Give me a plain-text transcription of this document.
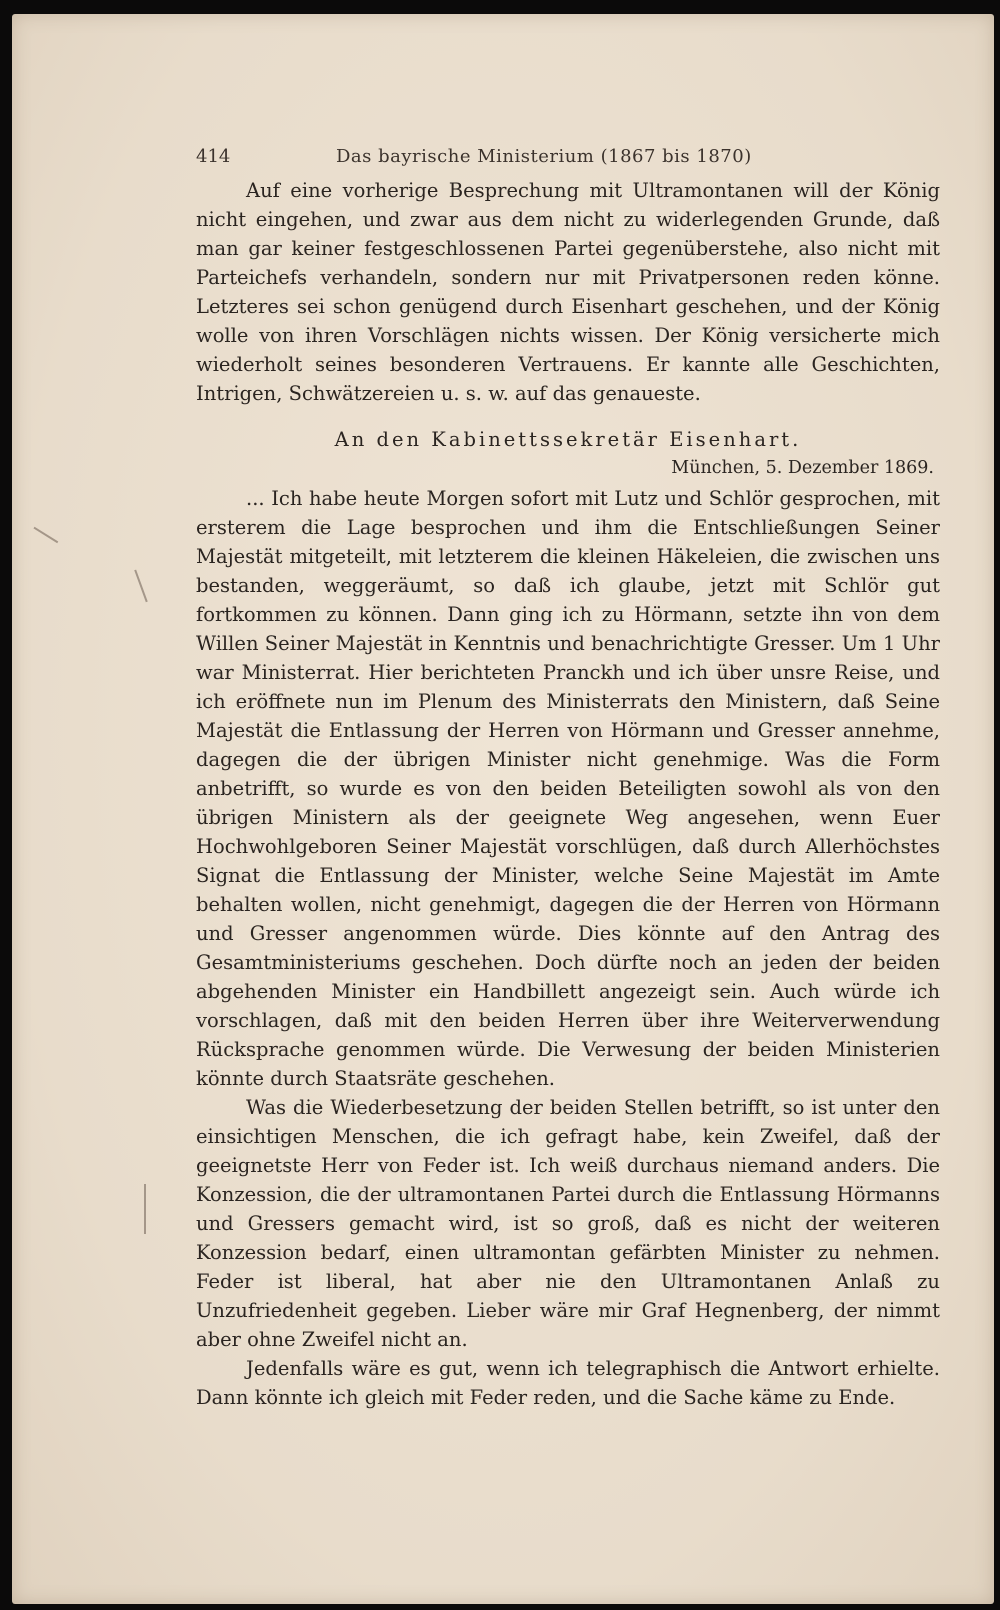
414	Das bayrische Ministerium (1867 bis 1870)

Auf eine vorherige Besprechung mit Ultramontanen will der König nicht eingehen, und zwar aus dem nicht zu widerlegenden Grunde, daß man gar keiner festgeschlossenen Partei gegenüberstehe, also nicht mit Parteichefs verhandeln, sondern nur mit Privatpersonen reden könne. Letzteres sei schon genügend durch Eisenhart geschehen, und der König wolle von ihren Vorschlägen nichts wissen. Der König versicherte mich wiederholt seines besonderen Vertrauens. Er kannte alle Geschichten, Intrigen, Schwätzereien u. s. w. auf das genaueste.

An den Kabinettssekretär Eisenhart.
München, 5. Dezember 1869.

... Ich habe heute Morgen sofort mit Lutz und Schlör gesprochen, mit ersterem die Lage besprochen und ihm die Entschließungen Seiner Majestät mitgeteilt, mit letzterem die kleinen Häkeleien, die zwischen uns bestanden, weggeräumt, so daß ich glaube, jetzt mit Schlör gut fortkommen zu können. Dann ging ich zu Hörmann, setzte ihn von dem Willen Seiner Majestät in Kenntnis und benachrichtigte Gresser. Um 1 Uhr war Ministerrat. Hier berichteten Pranckh und ich über unsre Reise, und ich eröffnete nun im Plenum des Ministerrats den Ministern, daß Seine Majestät die Entlassung der Herren von Hörmann und Gresser annehme, dagegen die der übrigen Minister nicht genehmige. Was die Form anbetrifft, so wurde es von den beiden Beteiligten sowohl als von den übrigen Ministern als der geeignete Weg angesehen, wenn Euer Hochwohlgeboren Seiner Majestät vorschlügen, daß durch Allerhöchstes Signat die Entlassung der Minister, welche Seine Majestät im Amte behalten wollen, nicht genehmigt, dagegen die der Herren von Hörmann und Gresser angenommen würde. Dies könnte auf den Antrag des Gesamtministeriums geschehen. Doch dürfte noch an jeden der beiden abgehenden Minister ein Handbillett angezeigt sein. Auch würde ich vorschlagen, daß mit den beiden Herren über ihre Weiterverwendung Rücksprache genommen würde. Die Verwesung der beiden Ministerien könnte durch Staatsräte geschehen.

Was die Wiederbesetzung der beiden Stellen betrifft, so ist unter den einsichtigen Menschen, die ich gefragt habe, kein Zweifel, daß der geeignetste Herr von Feder ist. Ich weiß durchaus niemand anders. Die Konzession, die der ultramontanen Partei durch die Entlassung Hörmanns und Gressers gemacht wird, ist so groß, daß es nicht der weiteren Konzession bedarf, einen ultramontan gefärbten Minister zu nehmen. Feder ist liberal, hat aber nie den Ultramontanen Anlaß zu Unzufriedenheit gegeben. Lieber wäre mir Graf Hegnenberg, der nimmt aber ohne Zweifel nicht an.

Jedenfalls wäre es gut, wenn ich telegraphisch die Antwort erhielte. Dann könnte ich gleich mit Feder reden, und die Sache käme zu Ende.
